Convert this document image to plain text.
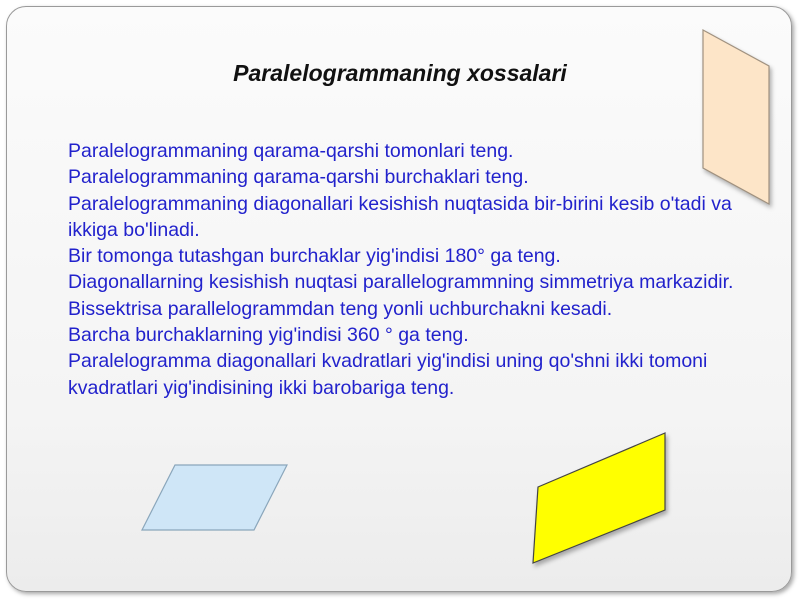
Paralelogrammaning xossalari
Paralelogrammaning qarama-qarshi tomonlari teng.
Paralelogrammaning qarama-qarshi burchaklari teng.
Paralelogrammaning diagonallari kesishish nuqtasida bir-birini kesib o'tadi va ikkiga bo'linadi.
Bir tomonga tutashgan burchaklar yig'indisi 180° ga teng.
Diagonallarning kesishish nuqtasi parallelogrammning simmetriya markazidir.
Bissektrisa parallelogrammdan teng yonli uchburchakni kesadi.
Barcha burchaklarning yig'indisi 360 ° ga teng.
Paralelogramma diagonallari kvadratlari yig'indisi uning qo'shni ikki tomoni kvadratlari yig'indisining ikki barobariga teng.
